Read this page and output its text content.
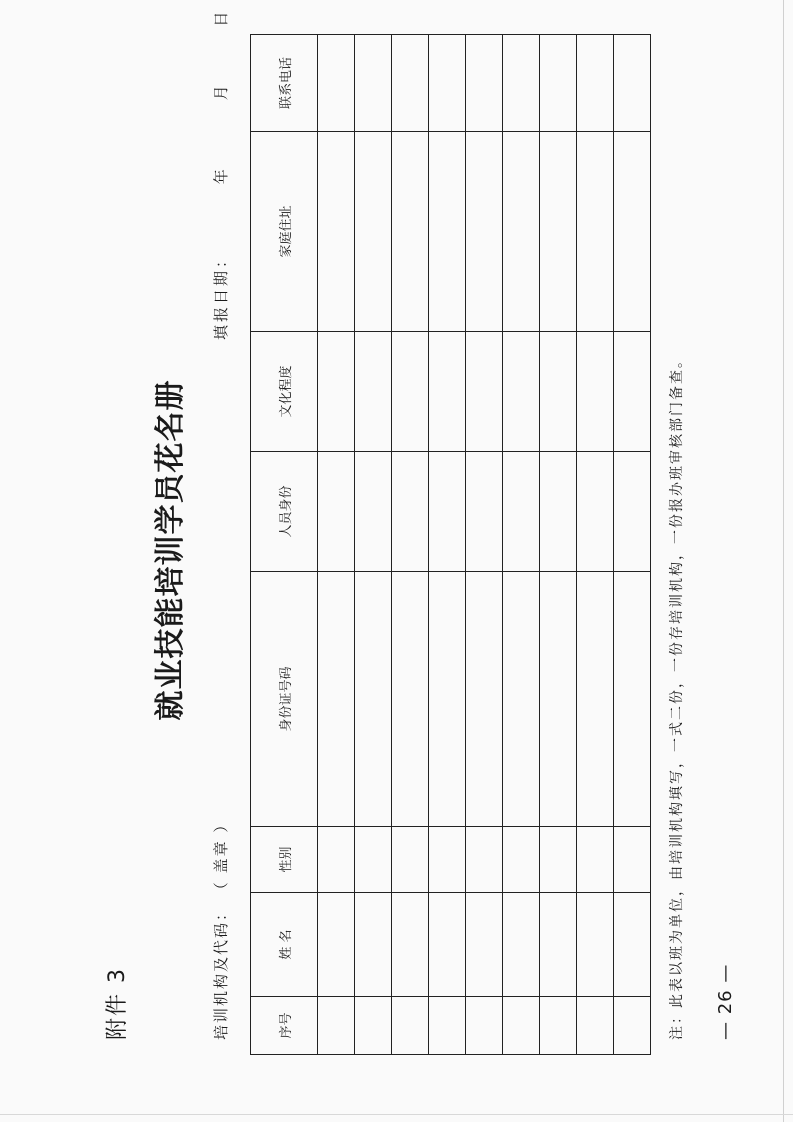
附件 3
就业技能培训学员花名册
培训机构及代码： （ 盖章 ）
填报日期： 年 月 日
序号	姓 名	性别	身份证号码	人员身份	文化程度	家庭住址	联系电话

注：此表以班为单位，由培训机构填写，一式二份，一份存培训机构，一份报办班审核部门备查。 — 26 —
